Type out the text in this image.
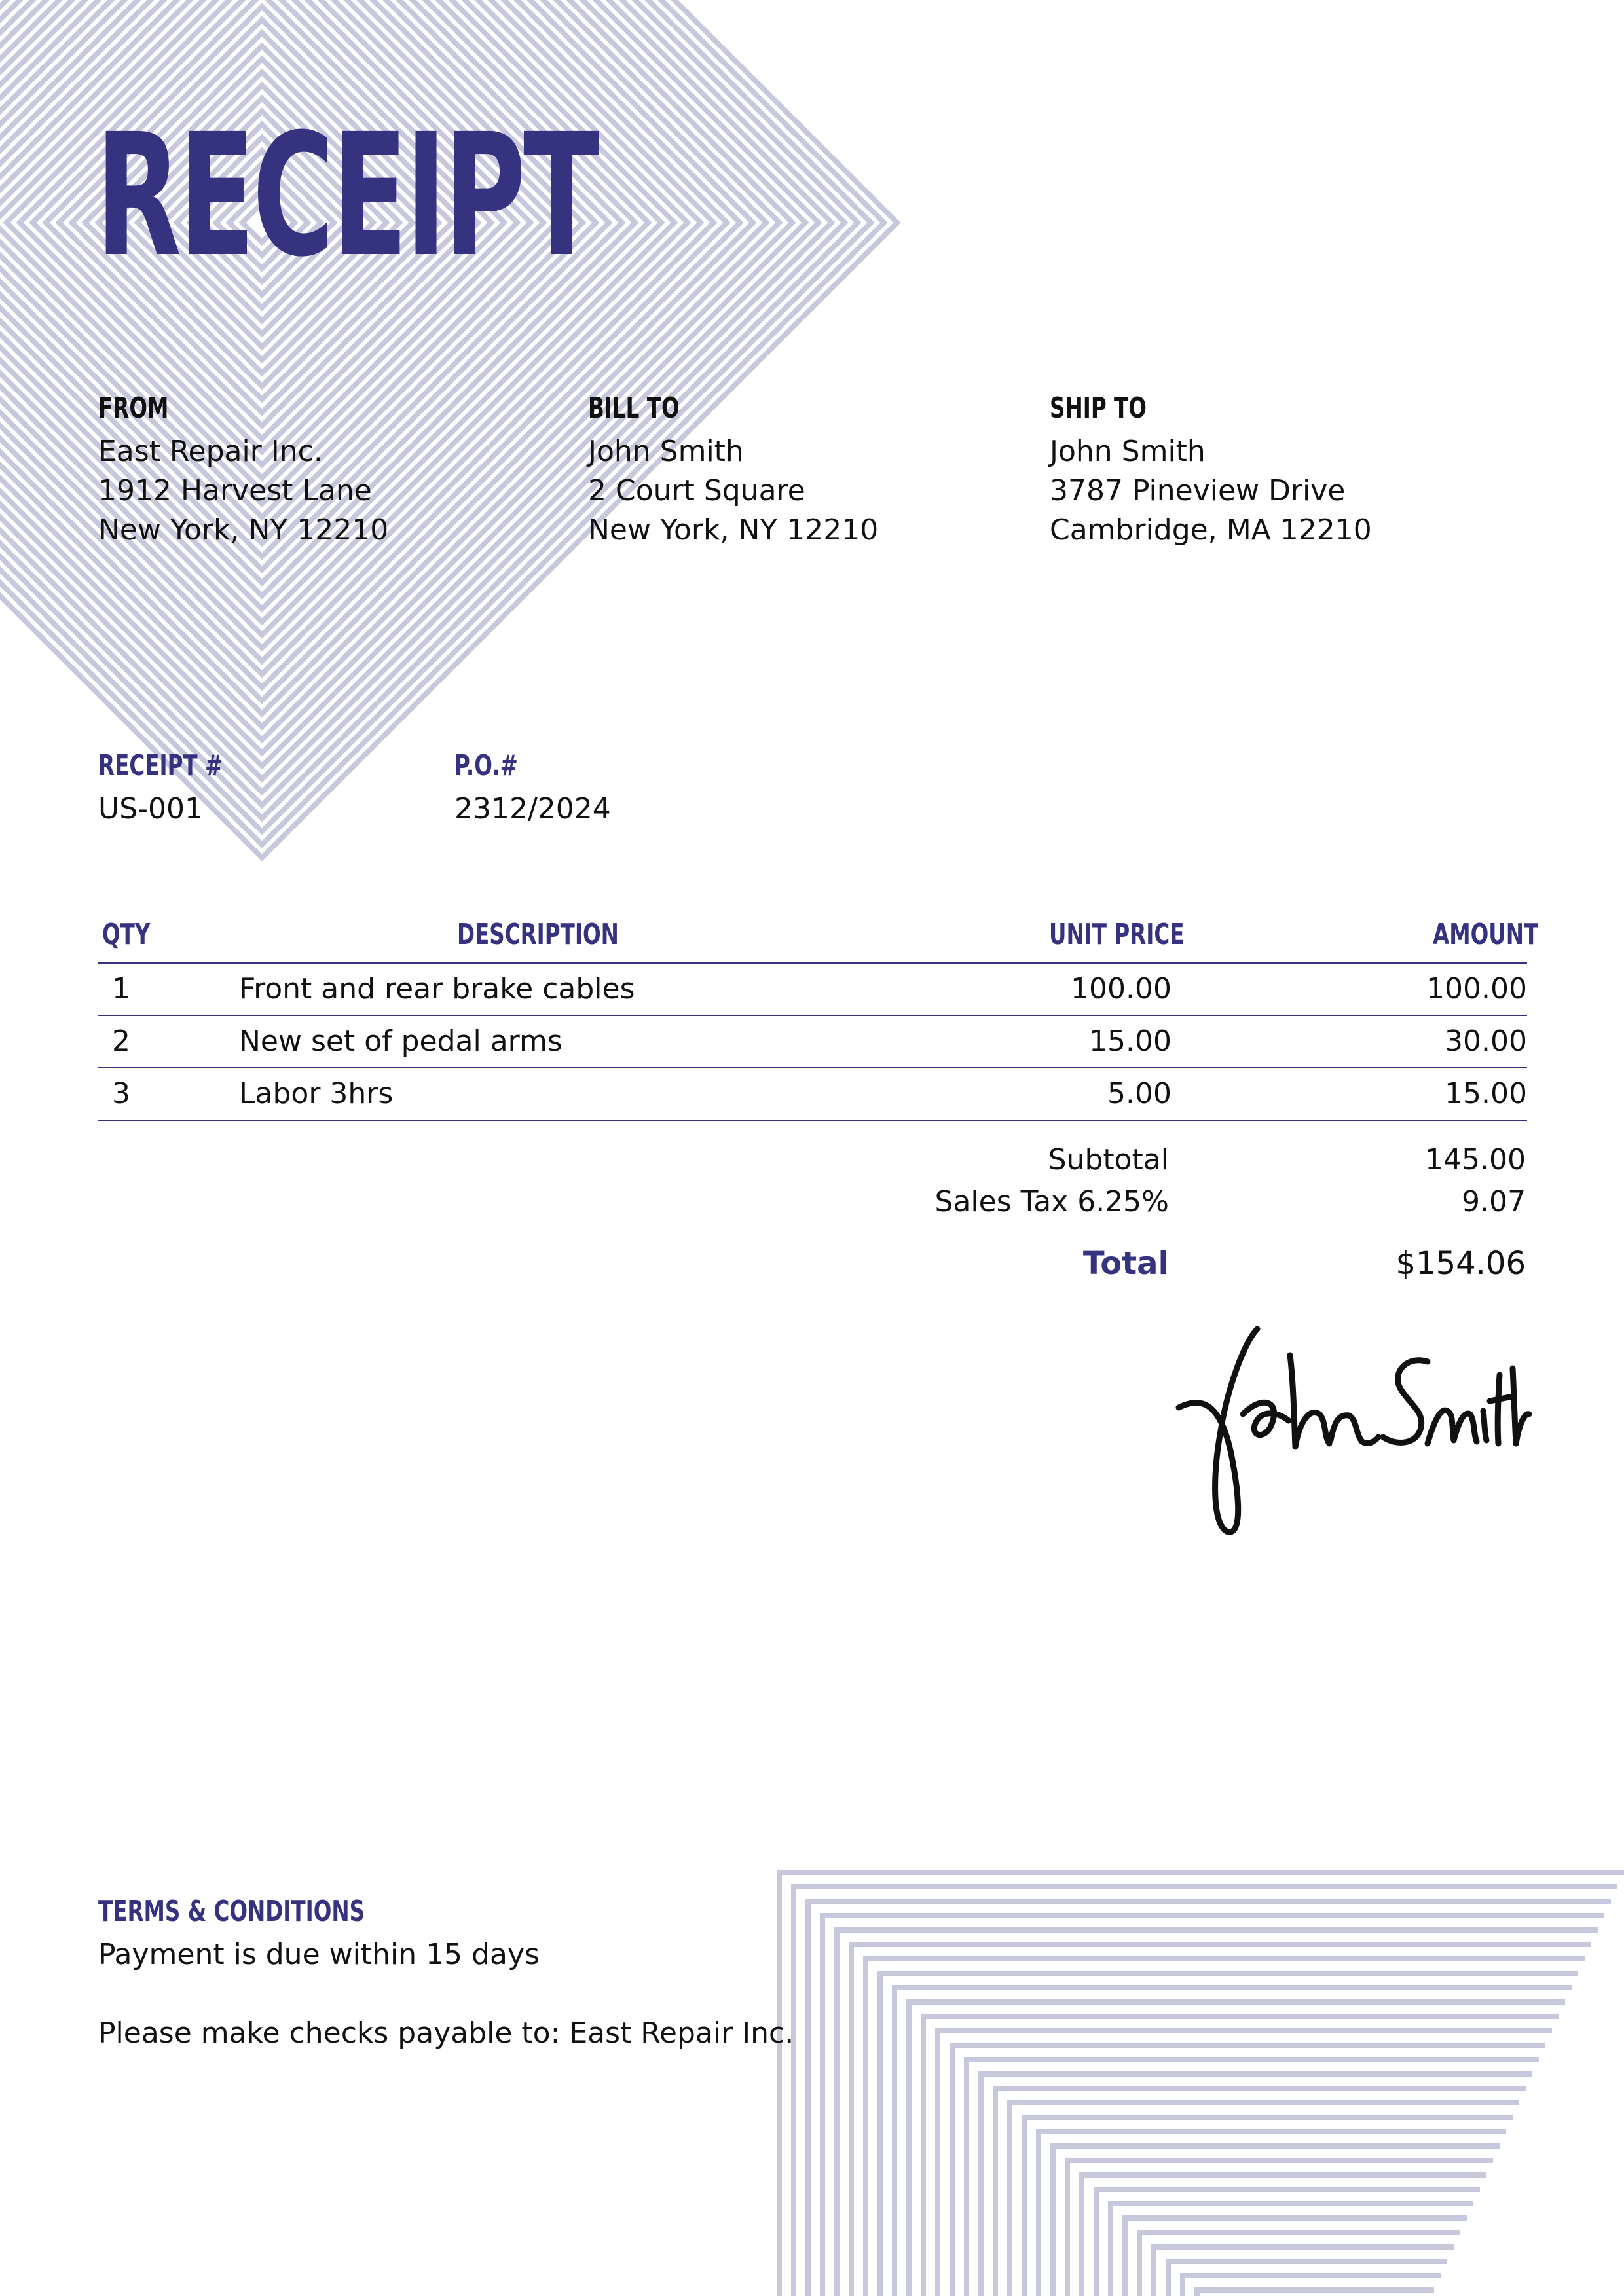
RECEIPT
FROM
East Repair Inc.
1912 Harvest Lane
New York, NY 12210
BILL TO
John Smith
2 Court Square
New York, NY 12210
SHIP TO
John Smith
3787 Pineview Drive
Cambridge, MA 12210
RECEIPT #
US-001
P.O.#
2312/2024
QTY	DESCRIPTION	UNIT PRICE	AMOUNT
1	Front and rear brake cables	100.00	100.00
2	New set of pedal arms	15.00	30.00
3	Labor 3hrs	5.00	15.00
Subtotal	145.00
Sales Tax 6.25%	9.07
Total	$154.06
TERMS & CONDITIONS
Payment is due within 15 days
Please make checks payable to: East Repair Inc.
